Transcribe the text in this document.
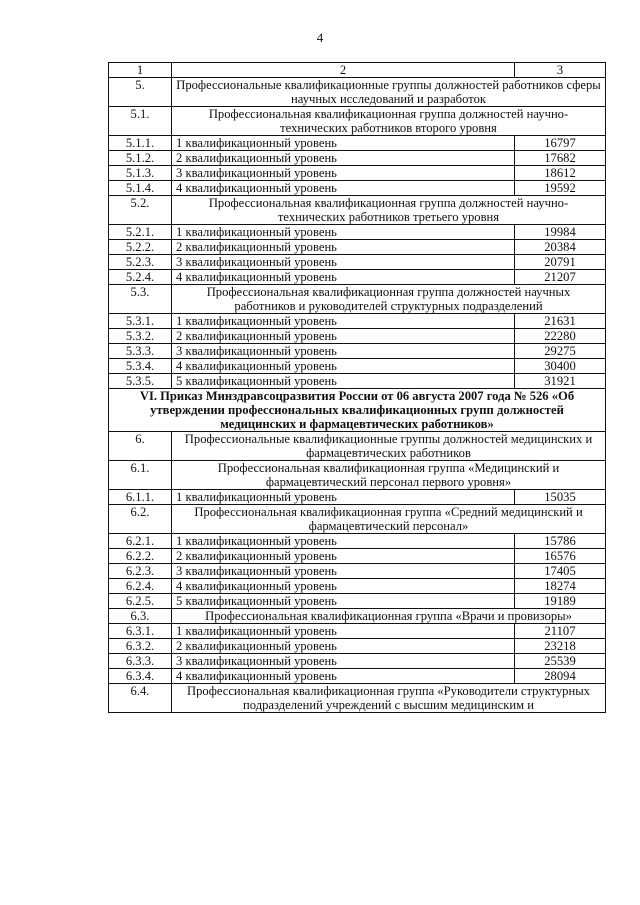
4
1	2	3
5.	Профессиональные квалификационные группы должностей работников сферы научных исследований и разработок	
5.1.	Профессиональная квалификационная группа должностей научно-технических работников второго уровня	
5.1.1.	1 квалификационный уровень	16797
5.1.2.	2 квалификационный уровень	17682
5.1.3.	3 квалификационный уровень	18612
5.1.4.	4 квалификационный уровень	19592
5.2.	Профессиональная квалификационная группа должностей научно-технических работников третьего уровня	
5.2.1.	1 квалификационный уровень	19984
5.2.2.	2 квалификационный уровень	20384
5.2.3.	3 квалификационный уровень	20791
5.2.4.	4 квалификационный уровень	21207
5.3.	Профессиональная квалификационная группа должностей научных работников и руководителей структурных подразделений	
5.3.1.	1 квалификационный уровень	21631
5.3.2.	2 квалификационный уровень	22280
5.3.3.	3 квалификационный уровень	29275
5.3.4.	4 квалификационный уровень	30400
5.3.5.	5 квалификационный уровень	31921
VI. Приказ Минздравсоцразвития России от 06 августа 2007 года № 526 «Об утверждении профессиональных квалификационных групп должностей медицинских и фармацевтических работников»		
6.	Профессиональные квалификационные группы должностей медицинских и фармацевтических работников	
6.1.	Профессиональная квалификационная группа «Медицинский и фармацевтический персонал первого уровня»	
6.1.1.	1 квалификационный уровень	15035
6.2.	Профессиональная квалификационная группа «Средний медицинский и фармацевтический персонал»	
6.2.1.	1 квалификационный уровень	15786
6.2.2.	2 квалификационный уровень	16576
6.2.3.	3 квалификационный уровень	17405
6.2.4.	4 квалификационный уровень	18274
6.2.5.	5 квалификационный уровень	19189
6.3.	Профессиональная квалификационная группа «Врачи и провизоры»	
6.3.1.	1 квалификационный уровень	21107
6.3.2.	2 квалификационный уровень	23218
6.3.3.	3 квалификационный уровень	25539
6.3.4.	4 квалификационный уровень	28094
6.4.	Профессиональная квалификационная группа «Руководители структурных подразделений учреждений с высшим медицинским и	
